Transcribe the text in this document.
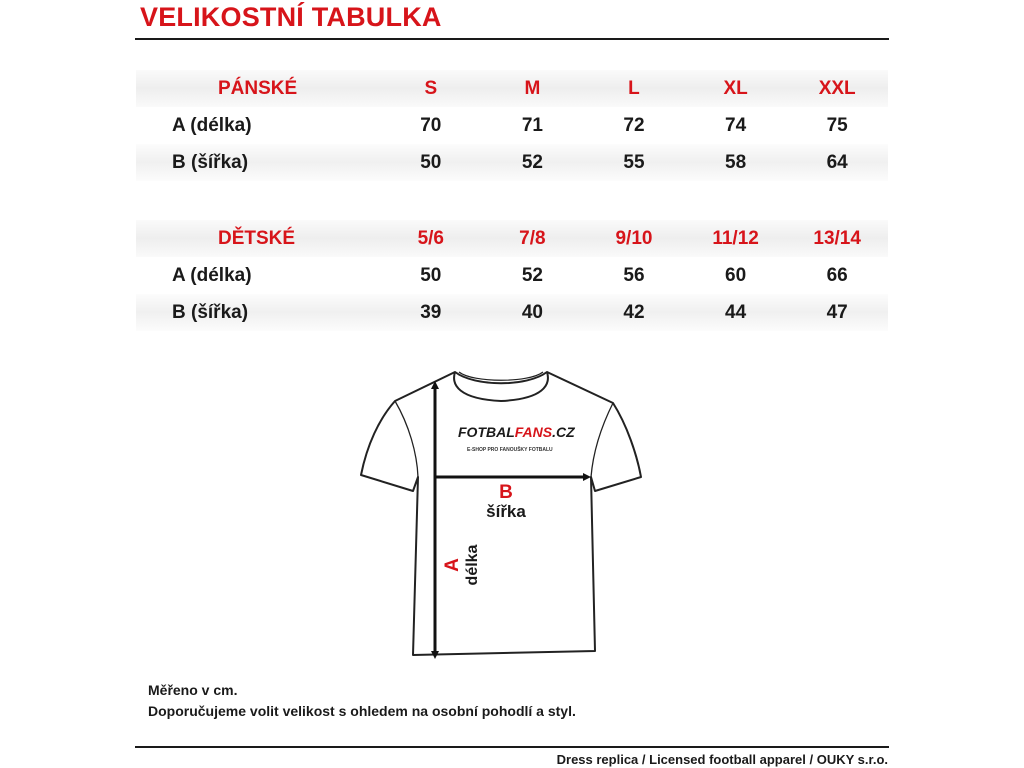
VELIKOSTNÍ TABULKA
PÁNSKÉ	S	M	L	XL	XXL
A (délka)	70	71	72	74	75
B (šířka)	50	52	55	58	64
DĚTSKÉ	5/6	7/8	9/10	11/12	13/14
A (délka)	50	52	56	60	66
B (šířka)	39	40	42	44	47
FOTBALFANS.CZ
E-SHOP PRO FANOUŠKY FOTBALU
B
šířka
A délka
Měřeno v cm.
Doporučujeme volit velikost s ohledem na osobní pohodlí a styl.
Dress replica / Licensed football apparel / OUKY s.r.o.
